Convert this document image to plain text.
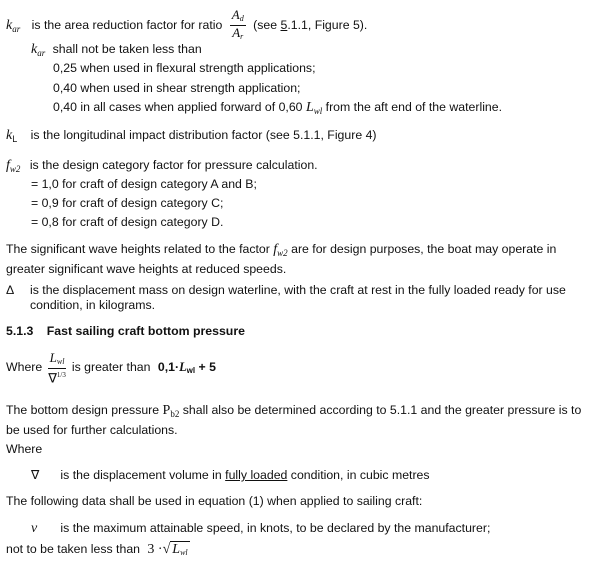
$k_{ar}$ is the area reduction factor for ratio $\frac{Ad}{Ar} (see$ 5.1.1, Figure 5).
$k_{ar}$ shall not be taken less than
0,25 when used in flexural strength applications;
0,40 when used in shear strength application;
0,40 in all cases when applied forward of 0,60 $L_{wl}$ from the aft end of the waterline.
$k_L$ is the longitudinal impact distribution factor (see 5.1.1, Figure 4)
$f_{w2}$ is the design category factor for pressure calculation.
= 1,0 for craft of design category A and B;
= 0,9 for craft of design category C;
= 0,8 for craft of design category D.
The significant wave heights related to the factor $f_{w2}$ are for design purposes, the boat may operate in greater significant wave heights at reduced speeds.
Δ is the displacement mass on design waterline, with the craft at rest in the fully loaded ready for use condition, in kilograms.
5.1.3 Fast sailing craft bottom pressure
Where $\frac{\text{Lwl}}{\nabla^{1/3}}$ is greater than 0,1·Lwl + 5
The bottom design pressure $P_{b2}$ shall also be determined according to 5.1.1 and the greater pressure is to be used for further calculations.
Where
∇ is the displacement volume in fully loaded condition, in cubic metres
The following data shall be used in equation (1) when applied to sailing craft:
v is the maximum attainable speed, in knots, to be declared by the manufacturer;
not to be taken less than 3 ·√ Lwl
